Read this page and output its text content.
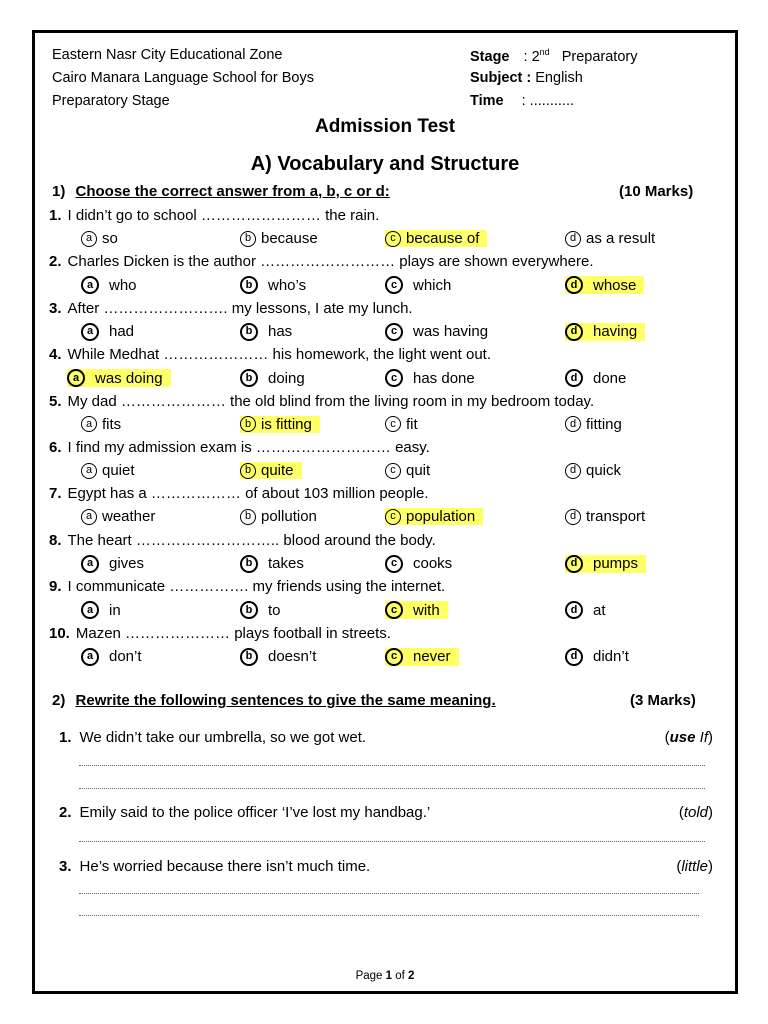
Eastern Nasr City Educational Zone
Cairo Manara Language School for Boys
Preparatory Stage
Stage : 2nd Preparatory
Subject : English
Time : ...........
Admission Test
A) Vocabulary and Structure
1) Choose the correct answer from a, b, c or d:	(10 Marks)
1. I didn’t go to school …………………… the rain.
a so	b because	c because of	d as a result
2. Charles Dicken is the author ……………………… plays are shown everywhere.
a	who	b	who’s	c	which	d	whose
3. After ……………………. my lessons, I ate my lunch.
a	had	b	has	c	was having	d	having
4. While Medhat ………………… his homework, the light went out.
a	was doing	b	doing	c	has done	d	done
5. My dad ………………… the old blind from the living room in my bedroom today.
a fits	b is fitting	c fit	d fitting
6. I find my admission exam is ……………………… easy.
a quiet	b quite	c quit	d quick
7. Egypt has a ……………… of about 103 million people.
a weather	b pollution	c population	d transport
8. The heart ……………………….. blood around the body.
a	gives	b	takes	c	cooks	d	pumps
9. I communicate ……………. my friends using the internet.
a	in	b	to	c	with	d	at
10. Mazen ………………… plays football in streets.
a	don’t	b	doesn’t	c	never	d	didn’t
2) Rewrite the following sentences to give the same meaning.	(3 Marks)
1. We didn’t take our umbrella, so we got wet.	(use If)
2. Emily said to the police officer ‘I’ve lost my handbag.’	(told)
3. He’s worried because there isn’t much time.	(little)
Page 1 of 2
